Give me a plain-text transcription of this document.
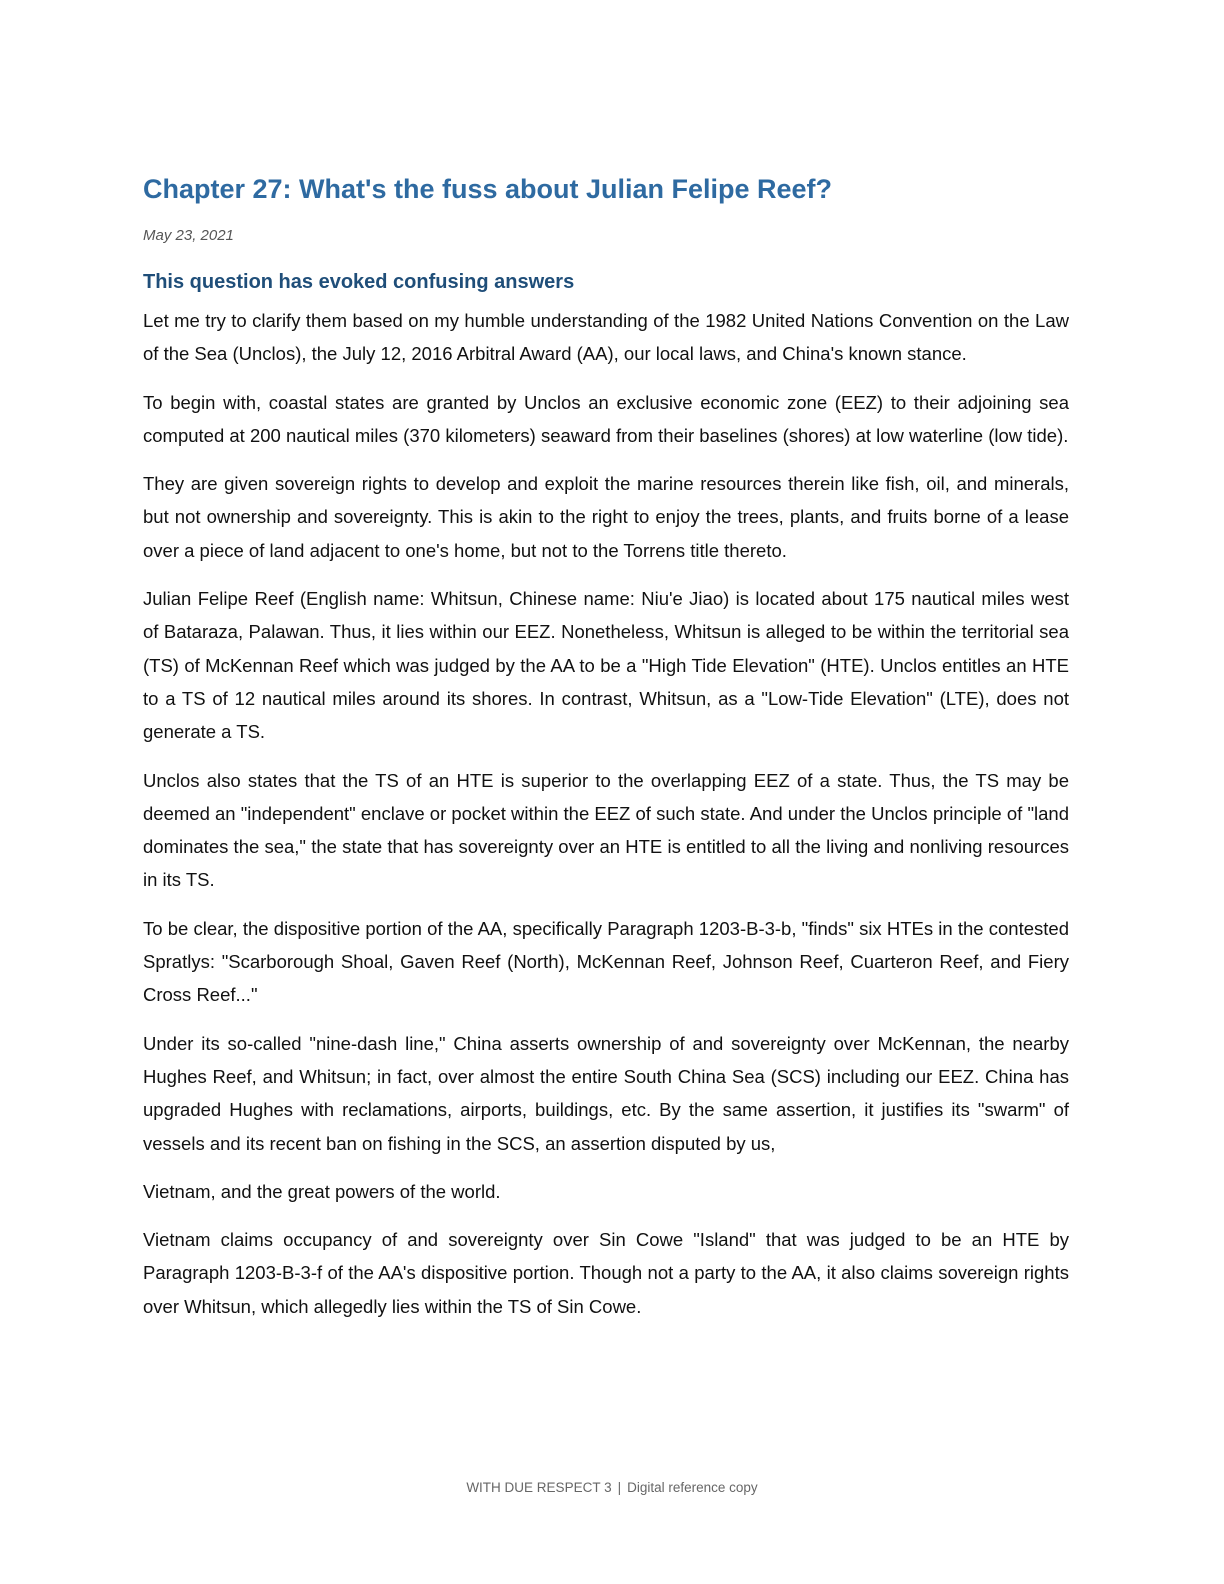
Chapter 27: What's the fuss about Julian Felipe Reef?
May 23, 2021
This question has evoked confusing answers

Let me try to clarify them based on my humble understanding of the 1982 United Nations Convention on the Law of the Sea (Unclos), the July 12, 2016 Arbitral Award (AA), our local laws, and China's known stance.

To begin with, coastal states are granted by Unclos an exclusive economic zone (EEZ) to their adjoining sea computed at 200 nautical miles (370 kilometers) seaward from their baselines (shores) at low waterline (low tide).

They are given sovereign rights to develop and exploit the marine resources therein like fish, oil, and minerals, but not ownership and sovereignty. This is akin to the right to enjoy the trees, plants, and fruits borne of a lease over a piece of land adjacent to one's home, but not to the Torrens title thereto.

Julian Felipe Reef (English name: Whitsun, Chinese name: Niu'e Jiao) is located about 175 nautical miles west of Bataraza, Palawan. Thus, it lies within our EEZ. Nonetheless, Whitsun is alleged to be within the territorial sea (TS) of McKennan Reef which was judged by the AA to be a "High Tide Elevation" (HTE). Unclos entitles an HTE to a TS of 12 nautical miles around its shores. In contrast, Whitsun, as a "Low-Tide Elevation" (LTE), does not generate a TS.

Unclos also states that the TS of an HTE is superior to the overlapping EEZ of a state. Thus, the TS may be deemed an "independent" enclave or pocket within the EEZ of such state. And under the Unclos principle of "land dominates the sea," the state that has sovereignty over an HTE is entitled to all the living and nonliving resources in its TS.

To be clear, the dispositive portion of the AA, specifically Paragraph 1203-B-3-b, "finds" six HTEs in the contested Spratlys: "Scarborough Shoal, Gaven Reef (North), McKennan Reef, Johnson Reef, Cuarteron Reef, and Fiery Cross Reef..."

Under its so-called "nine-dash line," China asserts ownership of and sovereignty over McKennan, the nearby Hughes Reef, and Whitsun; in fact, over almost the entire South China Sea (SCS) including our EEZ. China has upgraded Hughes with reclamations, airports, buildings, etc. By the same assertion, it justifies its "swarm" of vessels and its recent ban on fishing in the SCS, an assertion disputed by us,

Vietnam, and the great powers of the world.

Vietnam claims occupancy of and sovereignty over Sin Cowe "Island" that was judged to be an HTE by Paragraph 1203-B-3-f of the AA's dispositive portion. Though not a party to the AA, it also claims sovereign rights over Whitsun, which allegedly lies within the TS of Sin Cowe.

WITH DUE RESPECT 3 | Digital reference copy
